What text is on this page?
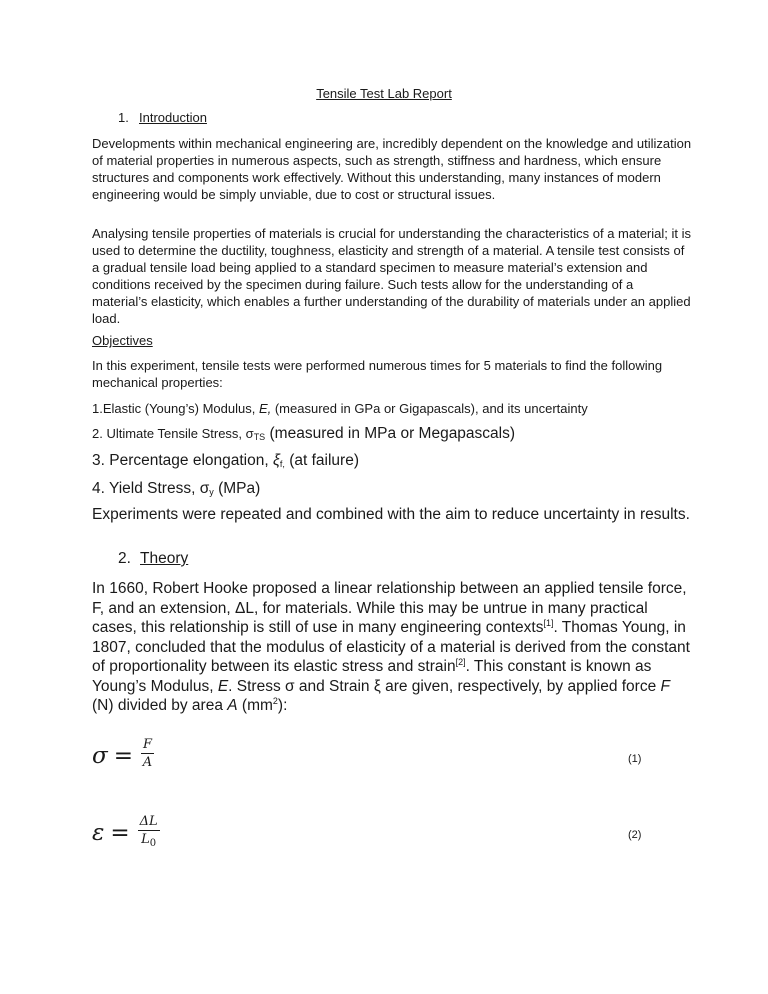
Tensile Test Lab Report

1. Introduction

Developments within mechanical engineering are, incredibly dependent on the knowledge and utilization of material properties in numerous aspects, such as strength, stiffness and hardness, which ensure structures and components work effectively. Without this understanding, many instances of modern engineering would be simply unviable, due to cost or structural issues.

Analysing tensile properties of materials is crucial for understanding the characteristics of a material; it is used to determine the ductility, toughness, elasticity and strength of a material. A tensile test consists of a gradual tensile load being applied to a standard specimen to measure material’s extension and conditions received by the specimen during failure. Such tests allow for the understanding of a material’s elasticity, which enables a further understanding of the durability of materials under an applied load.

Objectives

In this experiment, tensile tests were performed numerous times for 5 materials to find the following mechanical properties:

1.Elastic (Young’s) Modulus, E, (measured in GPa or Gigapascals), and its uncertainty

2. Ultimate Tensile Stress, $\sigma_{TS}$ (measured in MPa or Megapascals)

3. Percentage elongation, $\xi_{f,}$ (at failure)

4. Yield Stress, $\sigma_y$ (MPa)

Experiments were repeated and combined with the aim to reduce uncertainty in results.

2. Theory

In 1660, Robert Hooke proposed a linear relationship between an applied tensile force, F, and an extension, ΔL, for materials. While this may be untrue in many practical cases, this relationship is still of use in many engineering contexts[1]. Thomas Young, in 1807, concluded that the modulus of elasticity of a material is derived from the constant of proportionality between its elastic stress and strain[2]. This constant is known as Young’s Modulus, E. Stress σ and Strain ξ are given, respectively, by applied force F (N) divided by area A $(mm^2)$:

$\sigma = \frac{F}{A}$	(1)
$\varepsilon = \frac{\Delta L}{L_0}$	(2)
